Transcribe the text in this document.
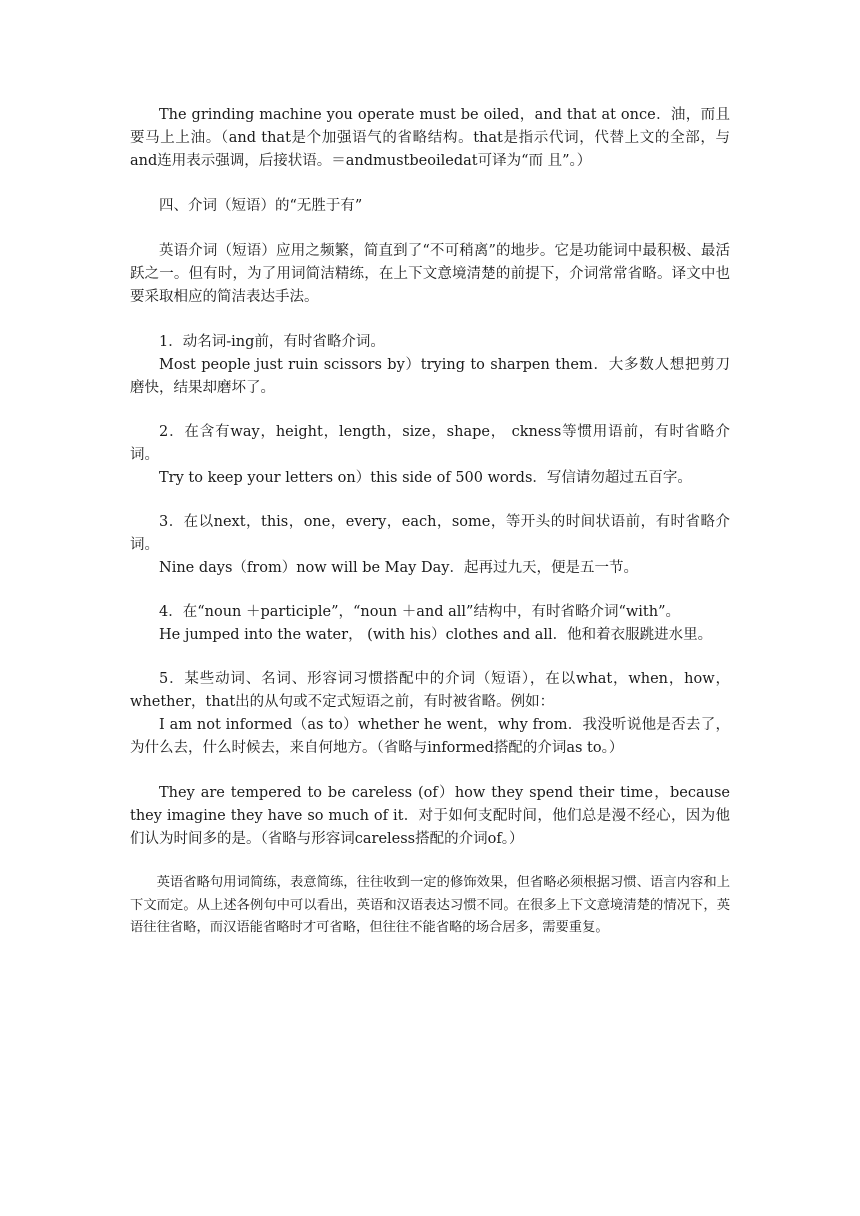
The grinding machine you operate must be oiled，and that at once．油，而且要马上上油。（and that是个加强语气的省略结构。that是指示代词，代替上文的全部，与and连用表示强调，后接状语。＝andmustbeoiledat可译为“而 且”。）

四、介词（短语）的“无胜于有”

英语介词（短语）应用之频繁，简直到了“不可稍离”的地步。它是功能词中最积极、最活跃之一。但有时，为了用词简洁精练，在上下文意境清楚的前提下，介词常常省略。译文中也要采取相应的简洁表达手法。

1．动名词-ing前，有时省略介词。

Most people just ruin scissors by）trying to sharpen them．大多数人想把剪刀磨快，结果却磨坏了。

2．在含有way，height，length，size，shape， ckness等惯用语前，有时省略介词。

Try to keep your letters on）this side of 500 words．写信请勿超过五百字。

3．在以next，this，one，every，each，some，等开头的时间状语前，有时省略介词。

Nine days（from）now will be May Day．起再过九天，便是五一节。

4．在“noun ＋participle”，“noun ＋and all”结构中，有时省略介词“with”。

He jumped into the water， (with his）clothes and all．他和着衣服跳进水里。

5．某些动词、名词、形容词习惯搭配中的介词（短语），在以what，when，how，whether，that出的从句或不定式短语之前，有时被省略。例如：

I am not informed（as to）whether he went，why from．我没听说他是否去了，为什么去，什么时候去，来自何地方。（省略与informed搭配的介词as to。）

They are tempered to be careless (of）how they spend their time，because they imagine they have so much of it．对于如何支配时间，他们总是漫不经心，因为他们认为时间多的是。（省略与形容词careless搭配的介词of。）

英语省略句用词简练，表意简练，往往收到一定的修饰效果，但省略必须根据习惯、语言内容和上下文而定。从上述各例句中可以看出，英语和汉语表达习惯不同。在很多上下文意境清楚的情况下，英语往往省略，而汉语能省略时才可省略，但往往不能省略的场合居多，需要重复。
